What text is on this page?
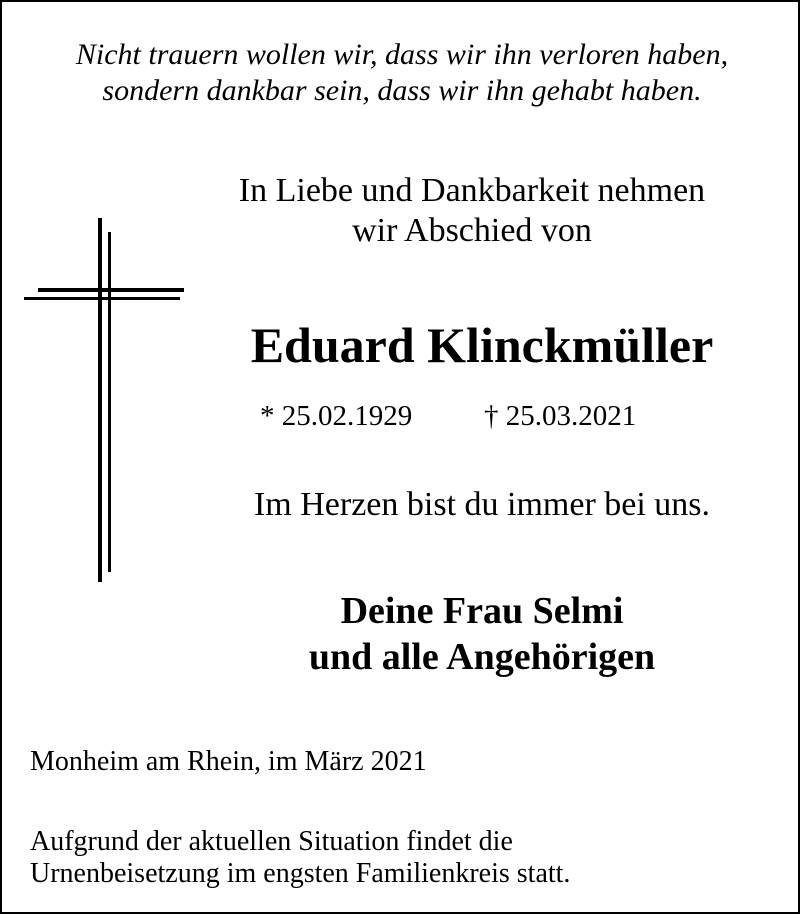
Nicht trauern wollen wir, dass wir ihn verloren haben,
sondern dankbar sein, dass wir ihn gehabt haben.
In Liebe und Dankbarkeit nehmen
wir Abschied von
Eduard Klinckmüller
* 25.02.1929 † 25.03.2021
Im Herzen bist du immer bei uns.
Deine Frau Selmi
und alle Angehörigen
Monheim am Rhein, im März 2021
Aufgrund der aktuellen Situation findet die
Urnenbeisetzung im engsten Familienkreis statt.
